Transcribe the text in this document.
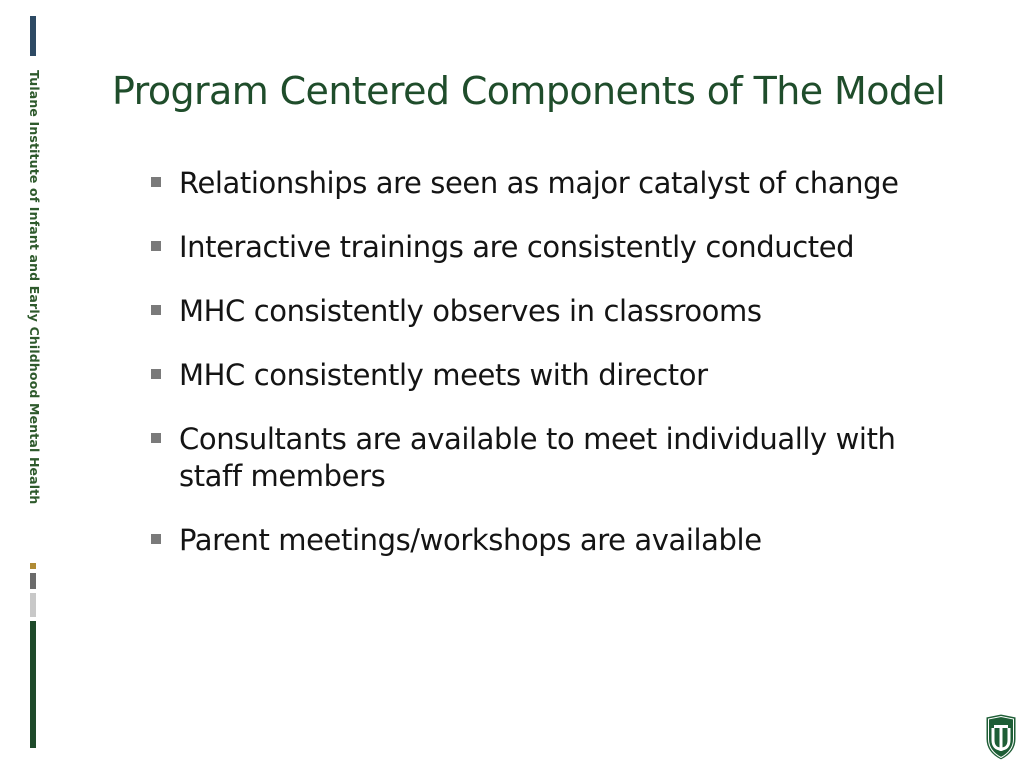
Tulane Institute of Infant and Early Childhood Mental Health Program Centered Components of The Model
Relationships are seen as major catalyst of change
Interactive trainings are consistently conducted
MHC consistently observes in classrooms
MHC consistently meets with director
Consultants are available to meet individually with staff members
Parent meetings/workshops are available
